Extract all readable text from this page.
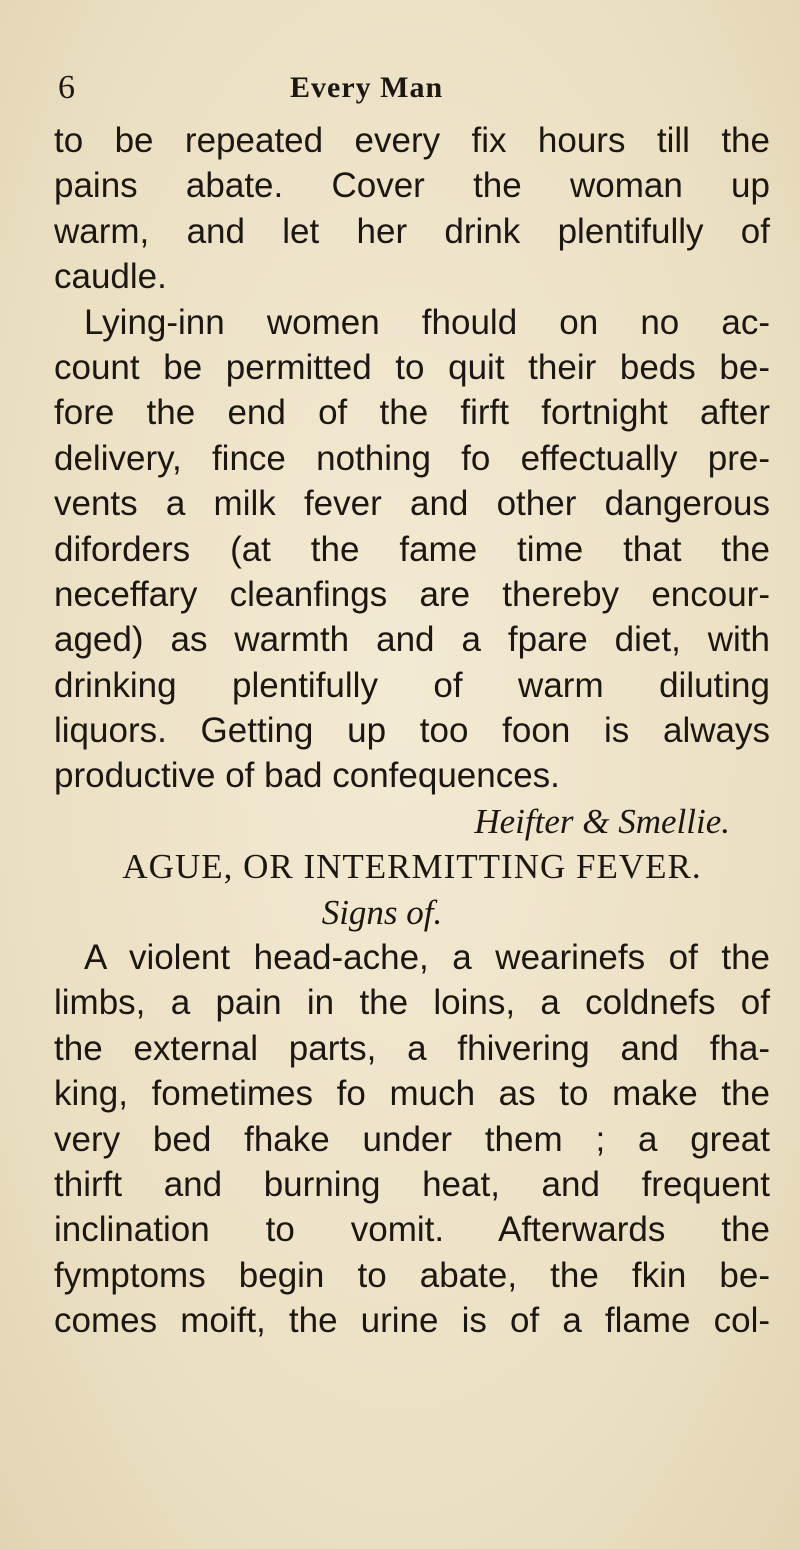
6	Every Man
to be repeated every fix hours till the
pains abate. Cover the woman up
warm, and let her drink plentifully of
caudle.
Lying-inn women fhould on no ac-
count be permitted to quit their beds be-
fore the end of the firft fortnight after
delivery, fince nothing fo effectually pre-
vents a milk fever and other dangerous
diforders (at the fame time that the
neceffary cleanfings are thereby encour-
aged) as warmth and a fpare diet, with
drinking plentifully of warm diluting
liquors. Getting up too foon is always
productive of bad confequences.
Heifter & Smellie.
AGUE, OR INTERMITTING FEVER.
Signs of.
A violent head-ache, a wearinefs of the
limbs, a pain in the loins, a coldnefs of
the external parts, a fhivering and fha-
king, fometimes fo much as to make the
very bed fhake under them ; a great
thirft and burning heat, and frequent
inclination to vomit. Afterwards the
fymptoms begin to abate, the fkin be-
comes moift, the urine is of a flame col-
